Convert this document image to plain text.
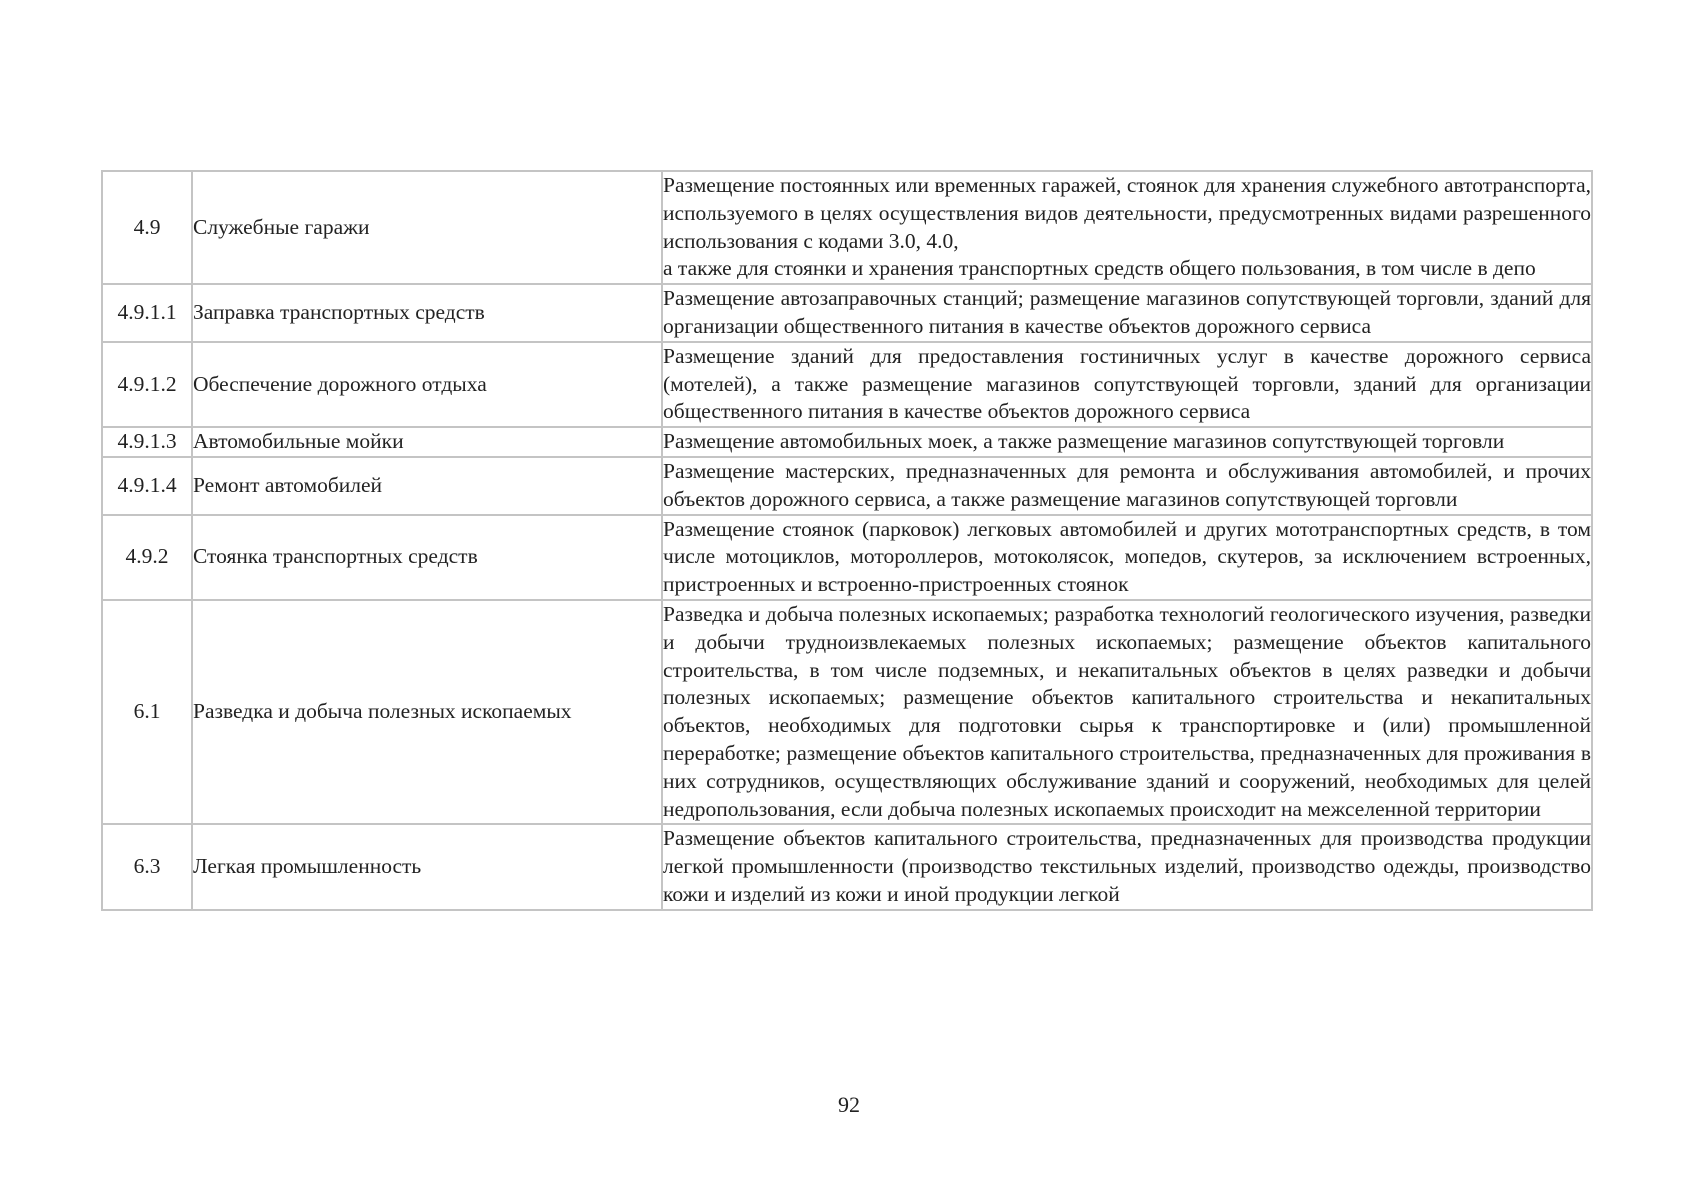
4.9	Служебные гаражи	Размещение постоянных или временных гаражей, стоянок для хранения служебного автотранспорта, используемого в целях осуществления видов деятельности, предусмотренных видами разрешенного использования с кодами 3.0, 4.0,
а также для стоянки и хранения транспортных средств общего пользования, в том числе в депо
4.9.1.1	Заправка транспортных средств	Размещение автозаправочных станций; размещение магазинов сопутствующей торговли, зданий для организации общественного питания в качестве объектов дорожного сервиса
4.9.1.2	Обеспечение дорожного отдыха	Размещение зданий для предоставления гостиничных услуг в качестве дорожного сервиса (мотелей), а также размещение магазинов сопутствующей торговли, зданий для организации общественного питания в качестве объектов дорожного сервиса
4.9.1.3	Автомобильные мойки	Размещение автомобильных моек, а также размещение магазинов сопутствующей торговли
4.9.1.4	Ремонт автомобилей	Размещение мастерских, предназначенных для ремонта и обслуживания автомобилей, и прочих объектов дорожного сервиса, а также размещение магазинов сопутствующей торговли
4.9.2	Стоянка транспортных средств	Размещение стоянок (парковок) легковых автомобилей и других мототранспортных средств, в том числе мотоциклов, мотороллеров, мотоколясок, мопедов, скутеров, за исключением встроенных, пристроенных и встроенно-пристроенных стоянок
6.1	Разведка и добыча полезных ископаемых	Разведка и добыча полезных ископаемых; разработка технологий геологического изучения, разведки и добычи трудноизвлекаемых полезных ископаемых; размещение объектов капитального строительства, в том числе подземных, и некапитальных объектов в целях разведки и добычи полезных ископаемых; размещение объектов капитального строительства и некапитальных объектов, необходимых для подготовки сырья к транспортировке и (или) промышленной переработке; размещение объектов капитального строительства, предназначенных для проживания в них сотрудников, осуществляющих обслуживание зданий и сооружений, необходимых для целей недропользования, если добыча полезных ископаемых происходит на межселенной территории
6.3	Легкая промышленность	Размещение объектов капитального строительства, предназначенных для производства продукции легкой промышленности (производство текстильных изделий, производство одежды, производство кожи и изделий из кожи и иной продукции легкой
92
